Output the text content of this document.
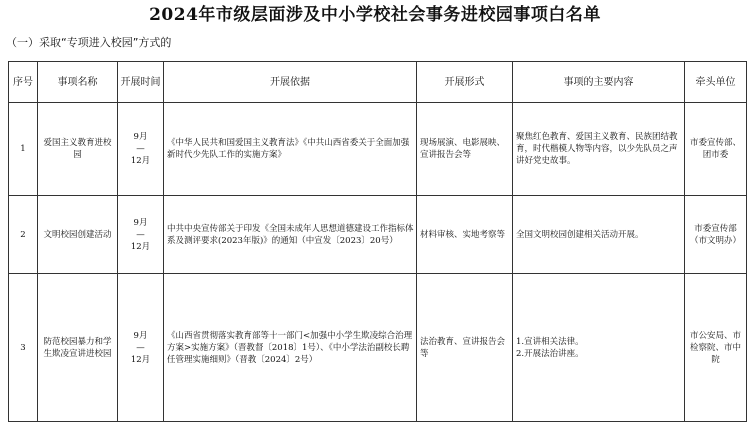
2024年市级层面涉及中小学校社会事务进校园事项白名单
（一）采取“专项进入校园”方式的
序号	事项名称	开展时间	开展依据	开展形式	事项的主要内容	牵头单位
1	爱国主义教育进校园	9月
—
12月	《中华人民共和国爱国主义教育法》《中共山西省委关于全面加强新时代少先队工作的实施方案》	现场展演、电影展映、宣讲报告会等	聚焦红色教育、爱国主义教育、民族团结教育，时代楷模人物等内容，以少先队员之声讲好党史故事。	市委宣传部、团市委
2	文明校园创建活动	9月
—
12月	中共中央宣传部关于印发《全国未成年人思想道德建设工作指标体系及测评要求(2023年版)》的通知（中宣发〔2023〕20号）	材料审核、实地考察等	全国文明校园创建相关活动开展。	市委宣传部（市文明办）
3	防范校园暴力和学生欺凌宣讲进校园	9月
—
12月	《山西省贯彻落实教育部等十一部门<加强中小学生欺凌综合治理方案>实施方案》（晋教督〔2018〕1号）、《中小学法治副校长聘任管理实施细则》（晋教〔2024〕2号）	法治教育、宣讲报告会等	1.宣讲相关法律。
2.开展法治讲座。	市公安局、市检察院、市中院
